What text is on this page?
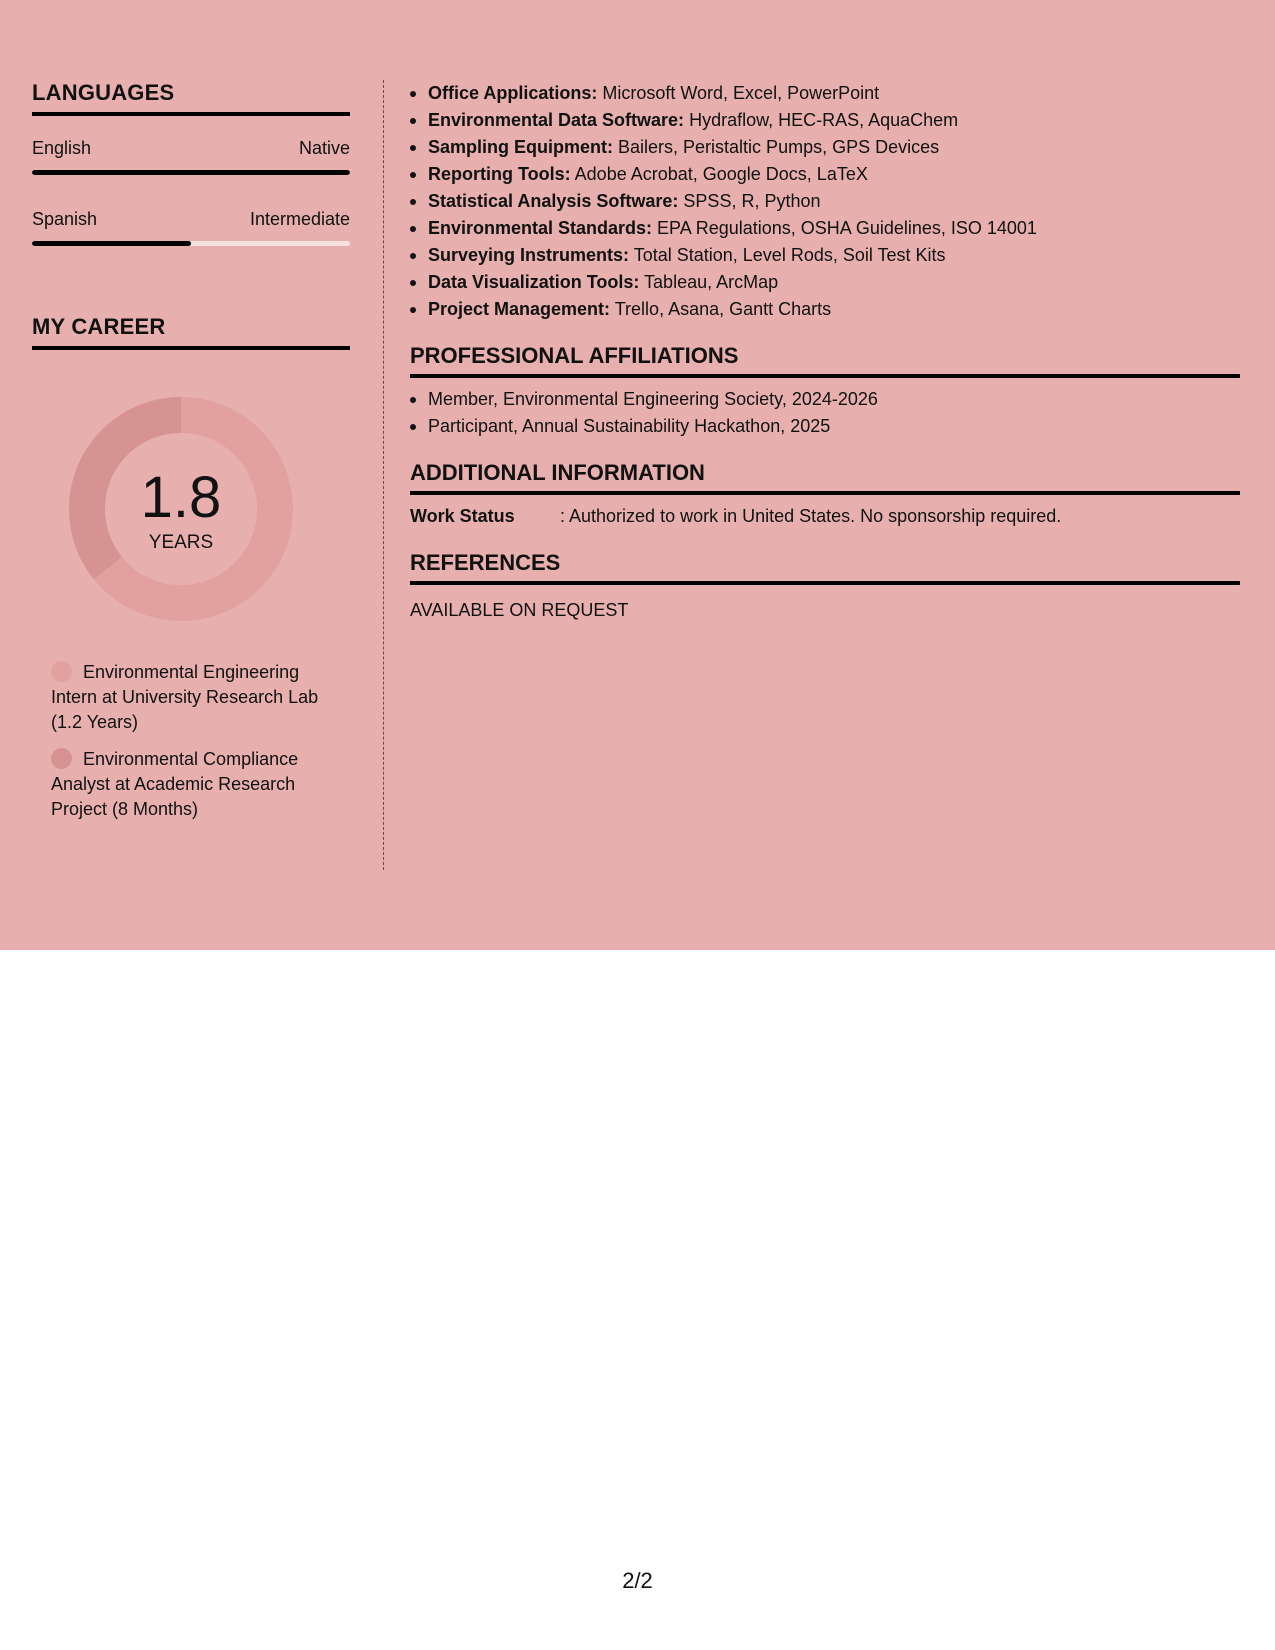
LANGUAGES
English	Native
Spanish	Intermediate
MY CAREER
1.8
YEARS
Environmental Engineering Intern at University Research Lab (1.2 Years)
Environmental Compliance Analyst at Academic Research Project (8 Months)
Office Applications: Microsoft Word, Excel, PowerPoint
Environmental Data Software: Hydraflow, HEC-RAS, AquaChem
Sampling Equipment: Bailers, Peristaltic Pumps, GPS Devices
Reporting Tools: Adobe Acrobat, Google Docs, LaTeX
Statistical Analysis Software: SPSS, R, Python
Environmental Standards: EPA Regulations, OSHA Guidelines, ISO 14001
Surveying Instruments: Total Station, Level Rods, Soil Test Kits
Data Visualization Tools: Tableau, ArcMap
Project Management: Trello, Asana, Gantt Charts
PROFESSIONAL AFFILIATIONS
Member, Environmental Engineering Society, 2024-2026
Participant, Annual Sustainability Hackathon, 2025
ADDITIONAL INFORMATION
Work Status	: Authorized to work in United States. No sponsorship required.
REFERENCES
AVAILABLE ON REQUEST
2/2
